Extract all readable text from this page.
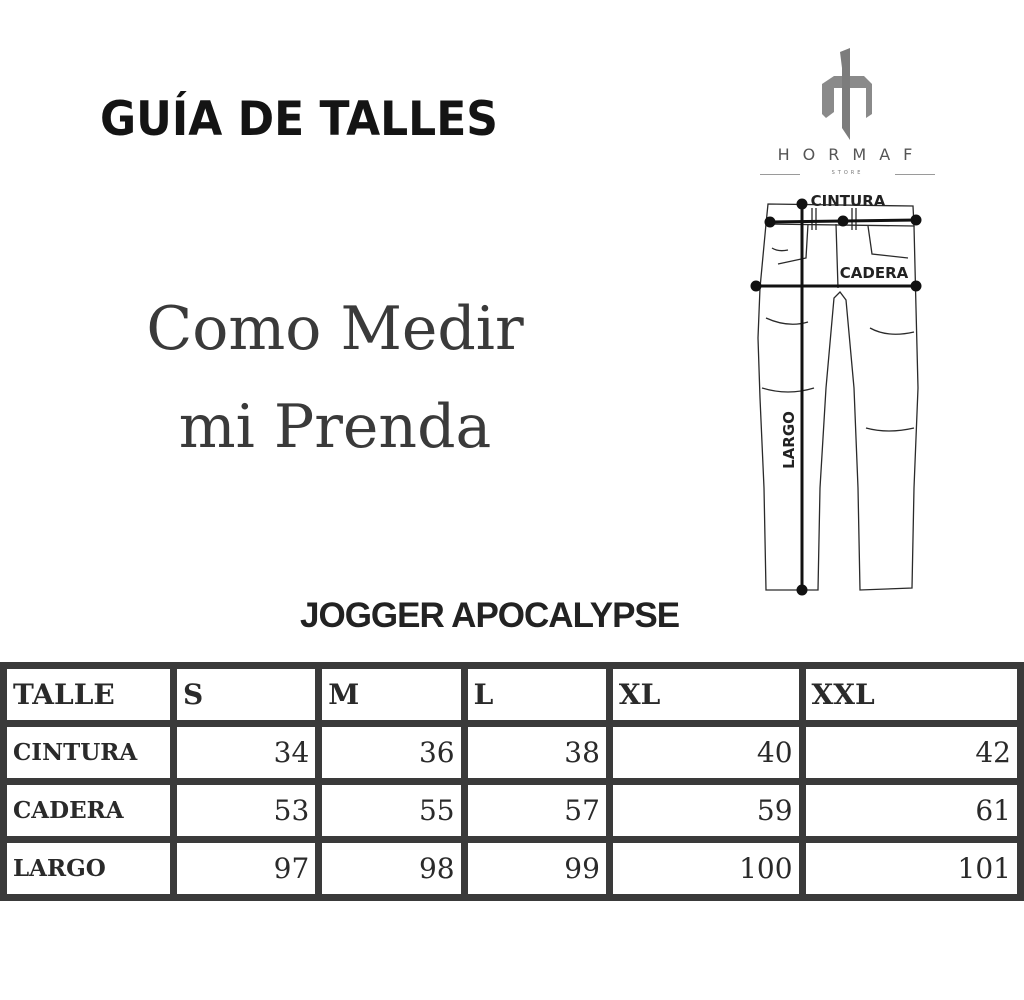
GUÍA DE TALLES
Como Medir
mi Prenda
HORMAF
STORE
CINTURA
CADERA
LARGO
JOGGER APOCALYPSE
TALLE	S	M	L	XL	XXL
CINTURA	34	36	38	40	42
CADERA	53	55	57	59	61
LARGO	97	98	99	100	101
